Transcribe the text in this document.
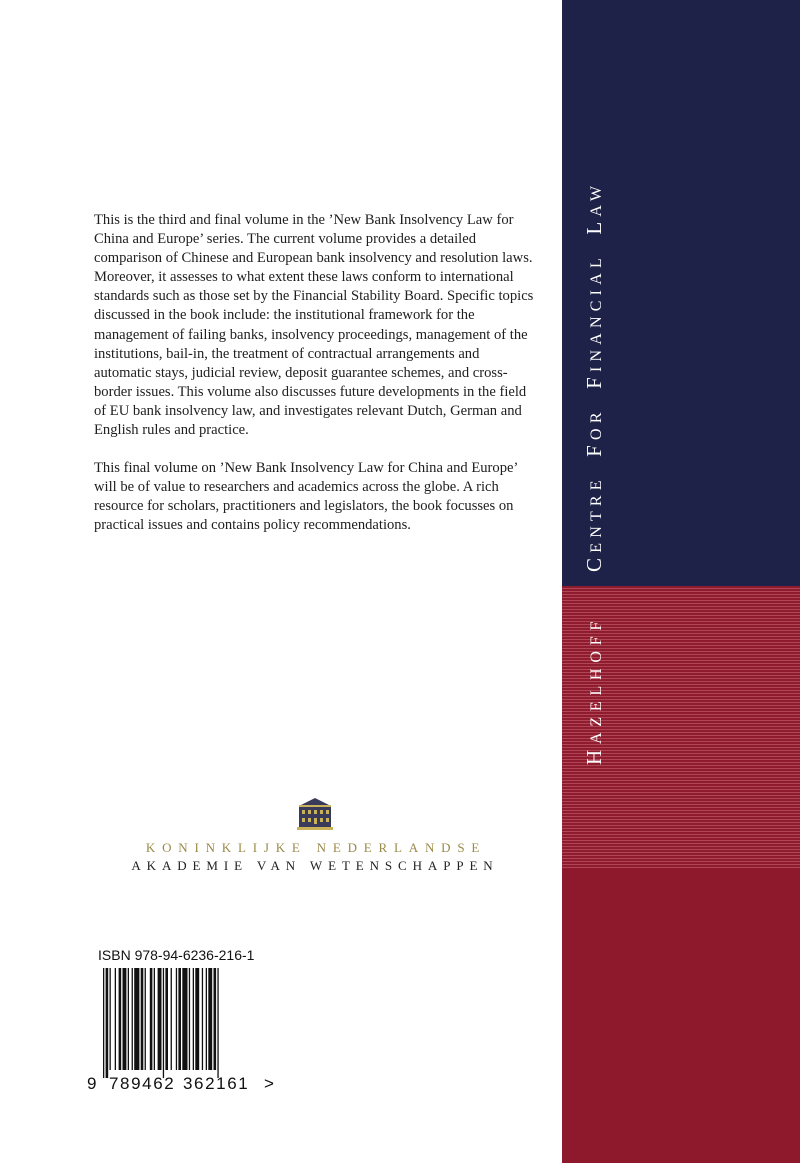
This is the third and final volume in the ’New Bank Insolvency Law for China and Europe’ series. The current volume provides a detailed comparison of Chinese and European bank insolvency and resolution laws. Moreover, it assesses to what extent these laws conform to international standards such as those set by the Financial Stability Board. Specific topics discussed in the book include: the institutional framework for the management of failing banks, insolvency proceedings, management of the institutions, bail-in, the treatment of contractual arrangements and automatic stays, judicial review, deposit guarantee schemes, and cross-border issues. This volume also discusses future developments in the field of EU bank insolvency law, and investigates relevant Dutch, German and English rules and practice.

This final volume on ’New Bank Insolvency Law for China and Europe’ will be of value to researchers and academics across the globe. A rich resource for scholars, practitioners and legislators, the book focusses on practical issues and contains policy recommendations.

KONINKLIJKE NEDERLANDSE
AKADEMIE VAN WETENSCHAPPEN
ISBN 978-94-6236-216-1
9 789462 362161 >
CENTRE  FOR  FINANCIAL  LAW
HAZELHOFF
